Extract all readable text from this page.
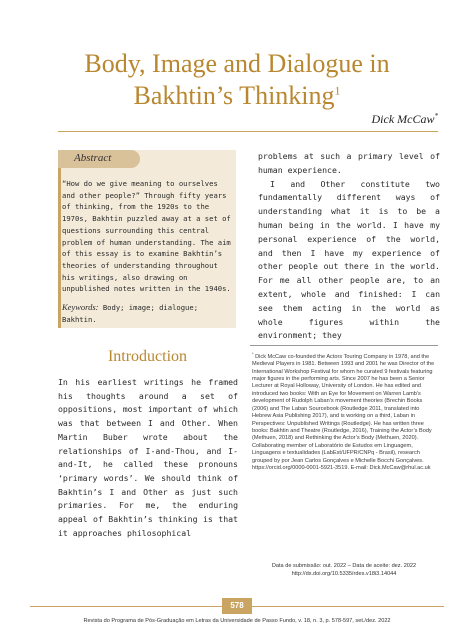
Body, Image and Dialogue in
Bakhtin’s Thinking$^1$
Dick McCaw*
Abstract
“How do we give meaning to ourselves and other people?” Through fifty years of thinking, from the 1920s to the 1970s, Bakhtin puzzled away at a set of questions surrounding this central problem of human understanding. The aim of this essay is to examine Bakhtin’s theories of understanding throughout his writings, also drawing on unpublished notes written in the 1940s.
Keywords: Body; image; dialogue; Bakhtin.
Introduction
In his earliest writings he framed his thoughts around a set of oppositions, most important of which was that between I and Other. When Martin Buber wrote about the relationships of I-and-Thou, and I-and-It, he called these pronouns ‘primary words’. We should think of Bakhtin’s I and Other as just such primaries. For me, the enduring appeal of Bakhtin’s thinking is that it approaches philosophical

problems at such a primary level of human experience.

I and Other constitute two fundamentally different ways of understanding what it is to be a human being in the world. I have my personal experience of the world, and then I have my experience of other people out there in the world. For me all other people are, to an extent, whole and finished: I can see them acting in the world as whole figures within the environment; they

* Dick McCaw co-founded the Actors Touring Company in 1978, and the Medieval Players in 1981. Between 1993 and 2001 he was Director of the International Workshop Festival for whom he curated 9 festivals featuring major figures in the performing arts. Since 2007 he has been a Senior Lecturer at Royal Holloway, University of London. He has edited and introduced two books: With an Eye for Movement on Warren Lamb’s development of Rudolph Laban’s movement theories (Brechin Books (2006) and The Laban Sourcebook (Routledge 2011, translated into Hebrew Asia Publishing 2017), and is working on a third, Laban in Perspectives: Unpublished Writings (Routledge). He has written three books: Bakhtin and Theatre (Routledge, 2016), Training the Actor’s Body (Methuen, 2018) and Rethinking the Actor’s Body (Methuen, 2020). Collaborating member of Laboratório de Estudos em Linguagem, Linguagens e textualidades (LabEst/UFPR/CNPq - Brasil), research grouped by por Jean Carlos Gonçalves e Michelle Bocchi Gonçalves. https://orcid.org/0000-0001-5921-3519. E-mail: Dick.McCaw@rhul.ac.uk
Data de submissão: out. 2022 – Data de aceite: dez. 2022
http://dx.doi.org/10.5335/rdes.v18i3.14044
578
Revista do Programa de Pós-Graduação em Letras da Universidade de Passo Fundo, v. 18, n. 3, p. 578-597, set./dez. 2022
